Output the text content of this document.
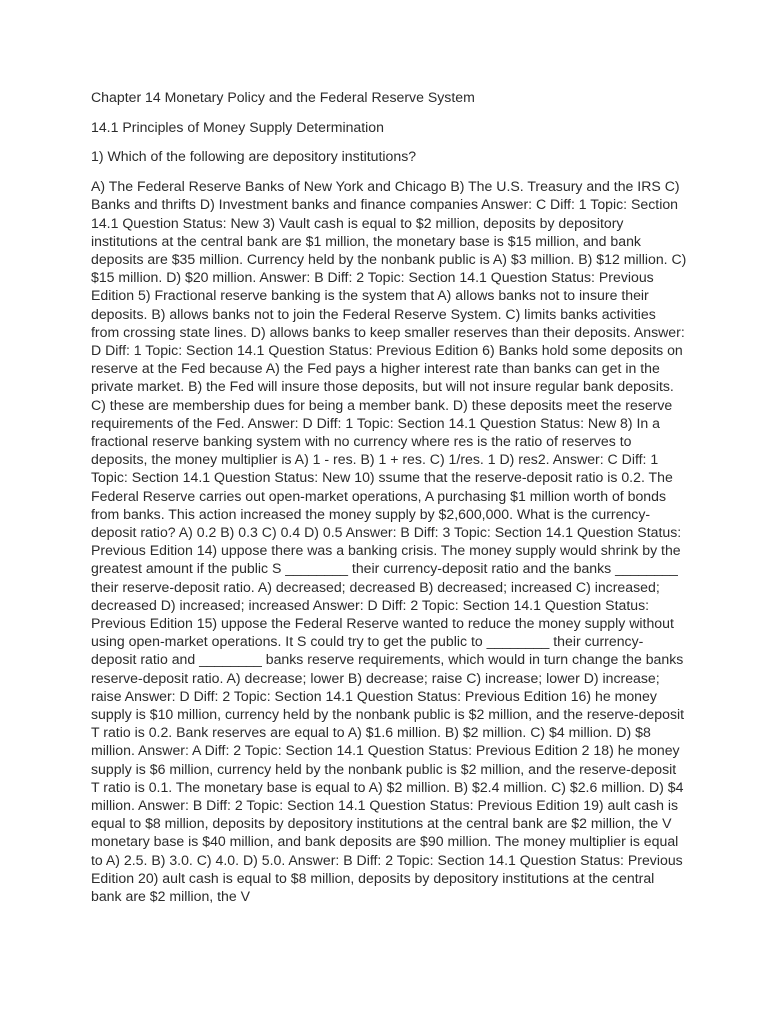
Chapter 14 Monetary Policy and the Federal Reserve System

14.1 Principles of Money Supply Determination

1) Which of the following are depository institutions?

A) The Federal Reserve Banks of New York and Chicago B) The U.S. Treasury and the IRS C) Banks and thrifts D) Investment banks and finance companies Answer: C Diff: 1 Topic: Section 14.1 Question Status: New 3) Vault cash is equal to $2 million, deposits by depository institutions at the central bank are $1 million, the monetary base is $15 million, and bank deposits are $35 million. Currency held by the nonbank public is A) $3 million. B) $12 million. C) $15 million. D) $20 million. Answer: B Diff: 2 Topic: Section 14.1 Question Status: Previous Edition 5) Fractional reserve banking is the system that A) allows banks not to insure their deposits. B) allows banks not to join the Federal Reserve System. C) limits banks activities from crossing state lines. D) allows banks to keep smaller reserves than their deposits. Answer: D Diff: 1 Topic: Section 14.1 Question Status: Previous Edition 6) Banks hold some deposits on reserve at the Fed because A) the Fed pays a higher interest rate than banks can get in the private market. B) the Fed will insure those deposits, but will not insure regular bank deposits. C) these are membership dues for being a member bank. D) these deposits meet the reserve requirements of the Fed. Answer: D Diff: 1 Topic: Section 14.1 Question Status: New 8) In a fractional reserve banking system with no currency where res is the ratio of reserves to deposits, the money multiplier is A) 1 - res. B) 1 + res. C) 1/res. 1 D) res2. Answer: C Diff: 1 Topic: Section 14.1 Question Status: New 10) ssume that the reserve-deposit ratio is 0.2. The Federal Reserve carries out open-market operations, A purchasing $1 million worth of bonds from banks. This action increased the money supply by $2,600,000. What is the currency-deposit ratio? A) 0.2 B) 0.3 C) 0.4 D) 0.5 Answer: B Diff: 3 Topic: Section 14.1 Question Status: Previous Edition 14) uppose there was a banking crisis. The money supply would shrink by the greatest amount if the public S ________ their currency-deposit ratio and the banks ________ their reserve-deposit ratio. A) decreased; decreased B) decreased; increased C) increased; decreased D) increased; increased Answer: D Diff: 2 Topic: Section 14.1 Question Status: Previous Edition 15) uppose the Federal Reserve wanted to reduce the money supply without using open-market operations. It S could try to get the public to ________ their currency-deposit ratio and ________ banks reserve requirements, which would in turn change the banks reserve-deposit ratio. A) decrease; lower B) decrease; raise C) increase; lower D) increase; raise Answer: D Diff: 2 Topic: Section 14.1 Question Status: Previous Edition 16) he money supply is $10 million, currency held by the nonbank public is $2 million, and the reserve-deposit T ratio is 0.2. Bank reserves are equal to A) $1.6 million. B) $2 million. C) $4 million. D) $8 million. Answer: A Diff: 2 Topic: Section 14.1 Question Status: Previous Edition 2 18) he money supply is $6 million, currency held by the nonbank public is $2 million, and the reserve-deposit T ratio is 0.1. The monetary base is equal to A) $2 million. B) $2.4 million. C) $2.6 million. D) $4 million. Answer: B Diff: 2 Topic: Section 14.1 Question Status: Previous Edition 19) ault cash is equal to $8 million, deposits by depository institutions at the central bank are $2 million, the V monetary base is $40 million, and bank deposits are $90 million. The money multiplier is equal to A) 2.5. B) 3.0. C) 4.0. D) 5.0. Answer: B Diff: 2 Topic: Section 14.1 Question Status: Previous Edition 20) ault cash is equal to $8 million, deposits by depository institutions at the central bank are $2 million, the V
